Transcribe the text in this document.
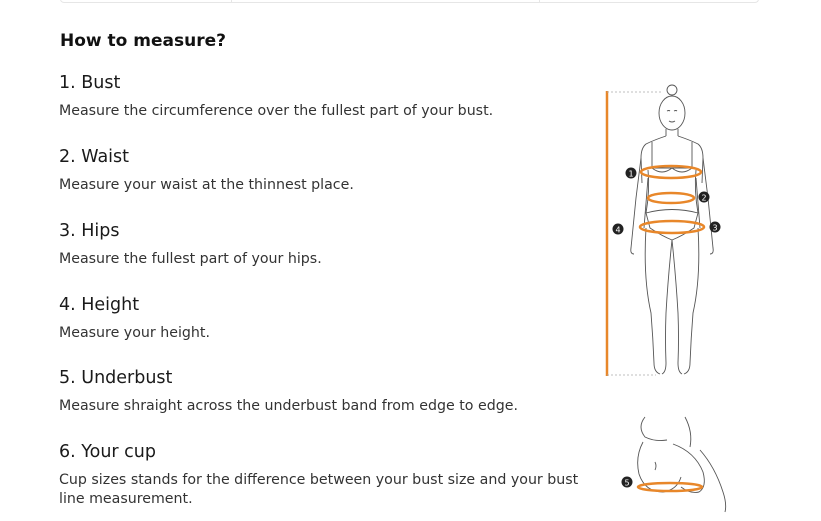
How to measure?
1. Bust
Measure the circumference over the fullest part of your bust.
2. Waist
Measure your waist at the thinnest place.
3. Hips
Measure the fullest part of your hips.
4. Height
Measure your height.
5. Underbust
Measure shraight across the underbust band from edge to edge.
6. Your cup
Cup sizes stands for the difference between your bust size and your bust line measurement.
1
2
3
4
5
